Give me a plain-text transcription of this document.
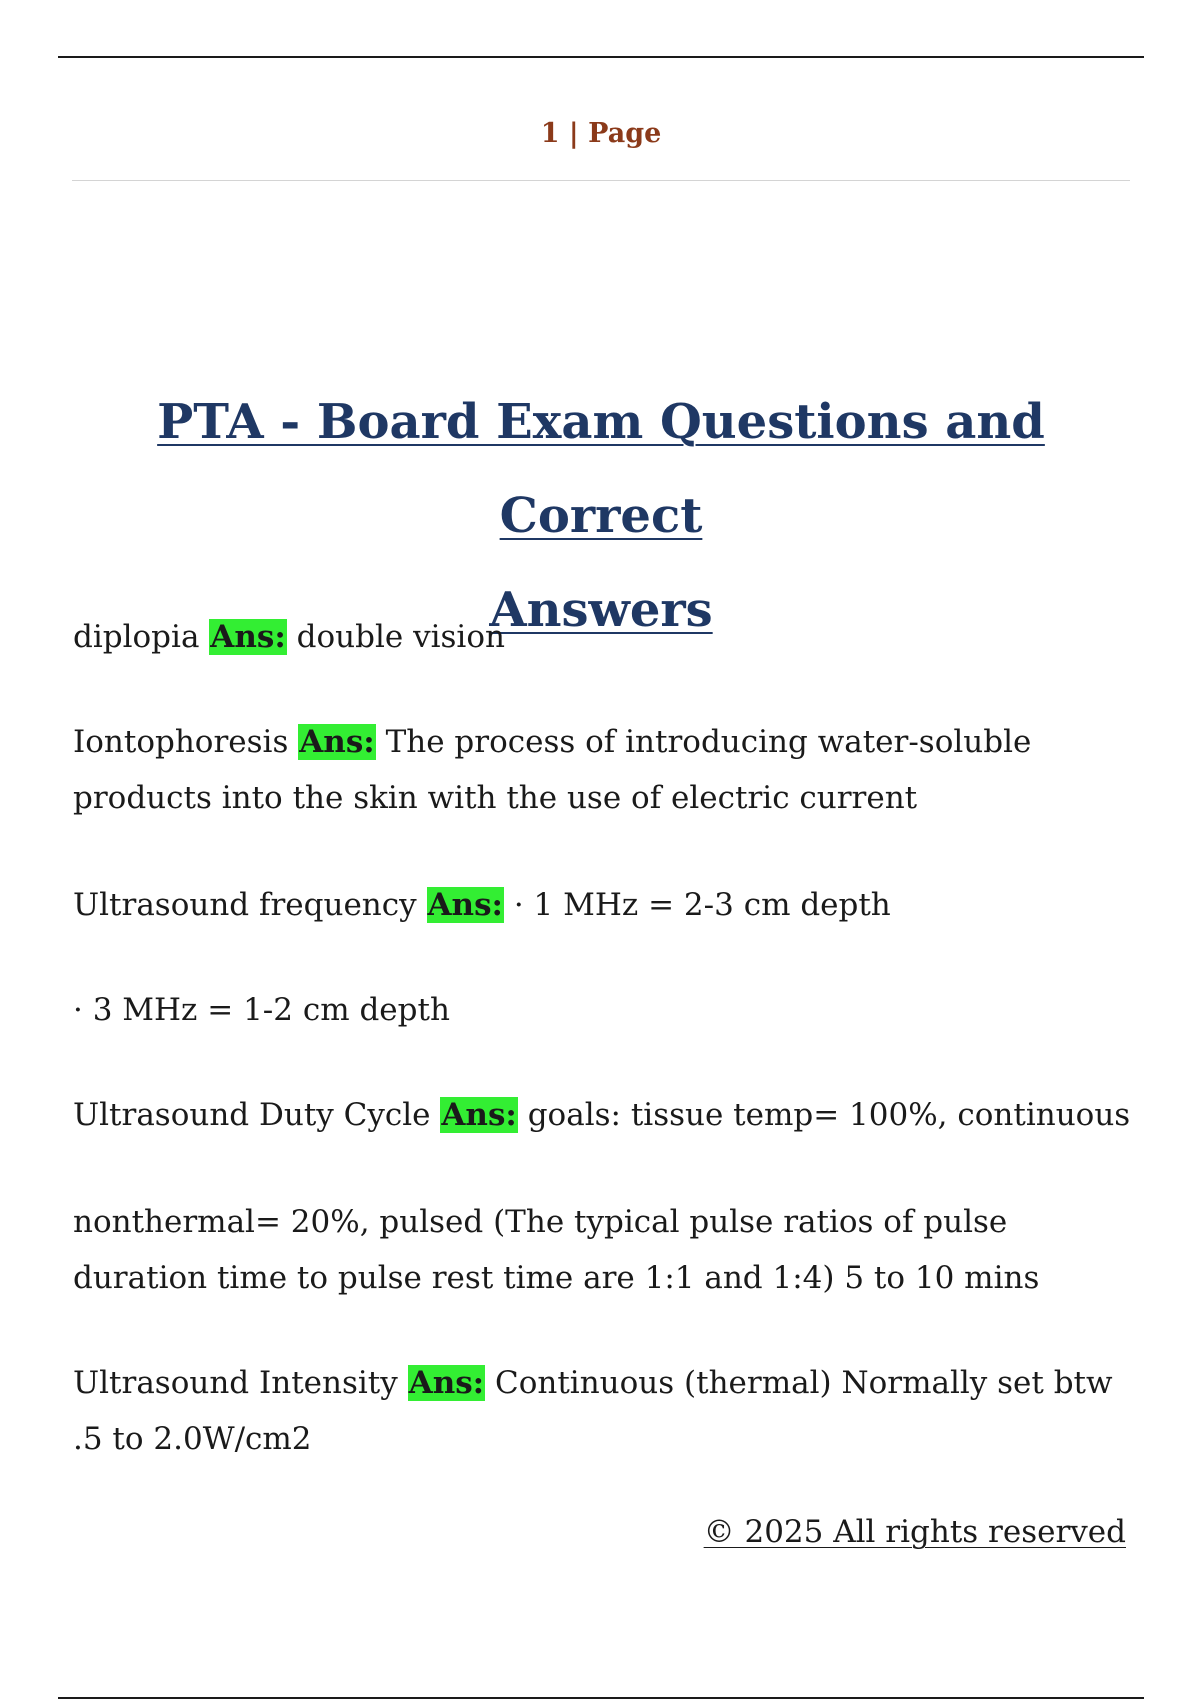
1 | Page
PTA - Board Exam Questions and Correct
Answers

diplopia Ans: double vision

Iontophoresis Ans: The process of introducing water-soluble products into the skin with the use of electric current

Ultrasound frequency Ans: · 1 MHz = 2-3 cm depth

· 3 MHz = 1-2 cm depth

Ultrasound Duty Cycle Ans: goals: tissue temp= 100%, continuous

nonthermal= 20%, pulsed (The typical pulse ratios of pulse duration time to pulse rest time are 1:1 and 1:4) 5 to 10 mins

Ultrasound Intensity Ans: Continuous (thermal) Normally set btw .5 to 2.0W/cm2

© 2025 All rights reserved
